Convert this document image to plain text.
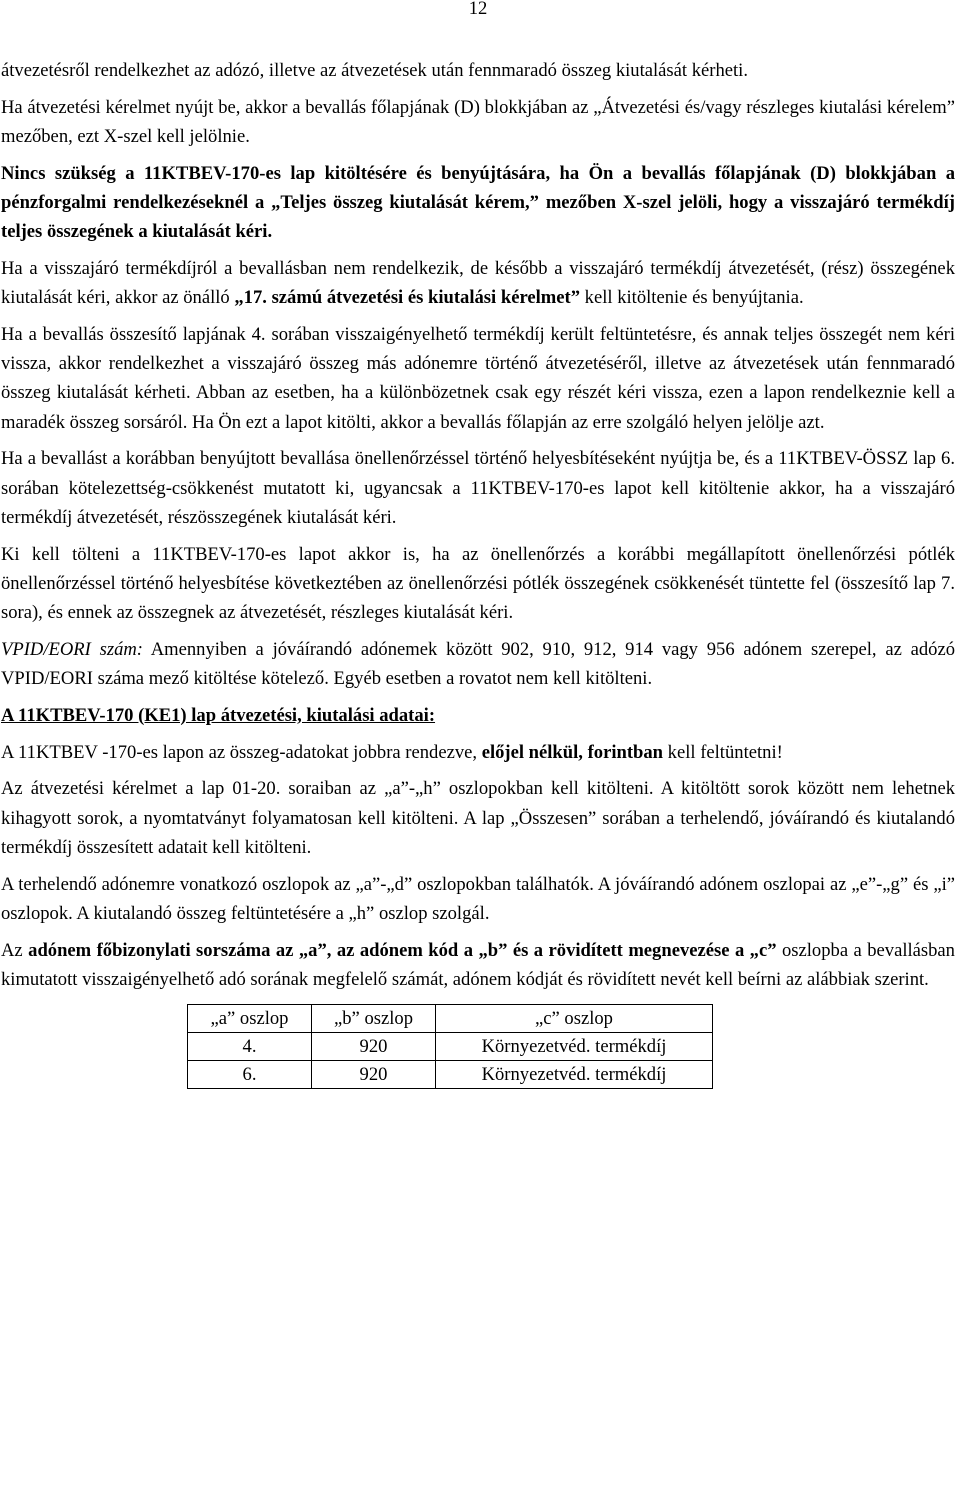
12

átvezetésről rendelkezhet az adózó, illetve az átvezetések után fennmaradó összeg kiutalását kérheti.

Ha átvezetési kérelmet nyújt be, akkor a bevallás főlapjának (D) blokkjában az „Átvezetési és/vagy részleges kiutalási kérelem” mezőben, ezt X-szel kell jelölnie.

Nincs szükség a 11KTBEV-170-es lap kitöltésére és benyújtására, ha Ön a bevallás főlapjának (D) blokkjában a pénzforgalmi rendelkezéseknél a „Teljes összeg kiutalását kérem,” mezőben X-szel jelöli, hogy a visszajáró termékdíj teljes összegének a kiutalását kéri.

Ha a visszajáró termékdíjról a bevallásban nem rendelkezik, de később a visszajáró termékdíj átvezetését, (rész) összegének kiutalását kéri, akkor az önálló „17. számú átvezetési és kiutalási kérelmet” kell kitöltenie és benyújtania.

Ha a bevallás összesítő lapjának 4. sorában visszaigényelhető termékdíj került feltüntetésre, és annak teljes összegét nem kéri vissza, akkor rendelkezhet a visszajáró összeg más adónemre történő átvezetéséről, illetve az átvezetések után fennmaradó összeg kiutalását kérheti. Abban az esetben, ha a különbözetnek csak egy részét kéri vissza, ezen a lapon rendelkeznie kell a maradék összeg sorsáról. Ha Ön ezt a lapot kitölti, akkor a bevallás főlapján az erre szolgáló helyen jelölje azt.

Ha a bevallást a korábban benyújtott bevallása önellenőrzéssel történő helyesbítéseként nyújtja be, és a 11KTBEV-ÖSSZ lap 6. sorában kötelezettség-csökkenést mutatott ki, ugyancsak a 11KTBEV-170-es lapot kell kitöltenie akkor, ha a visszajáró termékdíj átvezetését, részösszegének kiutalását kéri.

Ki kell tölteni a 11KTBEV-170-es lapot akkor is, ha az önellenőrzés a korábbi megállapított önellenőrzési pótlék önellenőrzéssel történő helyesbítése következtében az önellenőrzési pótlék összegének csökkenését tüntette fel (összesítő lap 7. sora), és ennek az összegnek az átvezetését, részleges kiutalását kéri.

VPID/EORI szám: Amennyiben a jóváírandó adónemek között 902, 910, 912, 914 vagy 956 adónem szerepel, az adózó VPID/EORI száma mező kitöltése kötelező. Egyéb esetben a rovatot nem kell kitölteni.

A 11KTBEV-170 (KE1) lap átvezetési, kiutalási adatai:

A 11KTBEV -170-es lapon az összeg-adatokat jobbra rendezve, előjel nélkül, forintban kell feltüntetni!

Az átvezetési kérelmet a lap 01-20. soraiban az „a”-„h” oszlopokban kell kitölteni. A kitöltött sorok között nem lehetnek kihagyott sorok, a nyomtatványt folyamatosan kell kitölteni. A lap „Összesen” sorában a terhelendő, jóváírandó és kiutalandó termékdíj összesített adatait kell kitölteni.

A terhelendő adónemre vonatkozó oszlopok az „a”-„d” oszlopokban találhatók. A jóváírandó adónem oszlopai az „e”-„g” és „i” oszlopok. A kiutalandó összeg feltüntetésére a „h” oszlop szolgál.

Az adónem főbizonylati sorszáma az „a”, az adónem kód a „b” és a rövidített megnevezése a „c” oszlopba a bevallásban kimutatott visszaigényelhető adó sorának megfelelő számát, adónem kódját és rövidített nevét kell beírni az alábbiak szerint.

„a” oszlop	„b” oszlop	„c” oszlop
4.	920	Környezetvéd. termékdíj
6.	920	Környezetvéd. termékdíj
